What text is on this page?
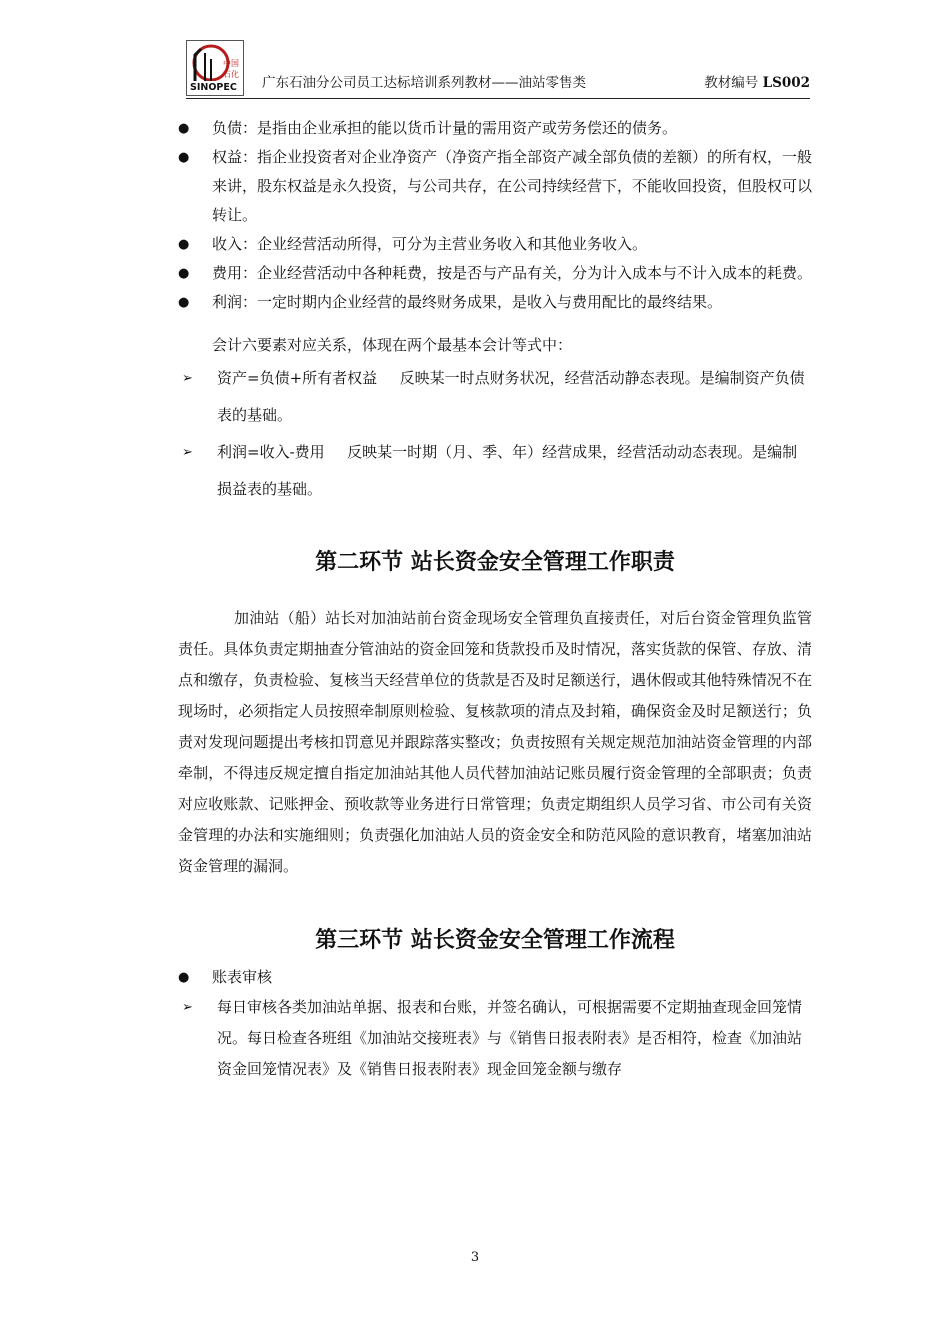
SINOPEC
中国石化
广东石油分公司员工达标培训系列教材——油站零售类	教材编号 LS002
● 负债：是指由企业承担的能以货币计量的需用资产或劳务偿还的债务。
● 权益：指企业投资者对企业净资产（净资产指全部资产减全部负债的差额）的所有权，一般来讲，股东权益是永久投资，与公司共存，在公司持续经营下，不能收回投资，但股权可以转让。
● 收入：企业经营活动所得，可分为主营业务收入和其他业务收入。
● 费用：企业经营活动中各种耗费，按是否与产品有关，分为计入成本与不计入成本的耗费。
● 利润：一定时期内企业经营的最终财务成果，是收入与费用配比的最终结果。
会计六要素对应关系，体现在两个最基本会计等式中：
➢ 资产=负债+所有者权益   反映某一时点财务状况，经营活动静态表现。是编制资产负债表的基础。
➢ 利润=收入-费用   反映某一时期（月、季、年）经营成果，经营活动动态表现。是编制损益表的基础。
第二环节 站长资金安全管理工作职责
加油站（船）站长对加油站前台资金现场安全管理负直接责任，对后台资金管理负监管责任。具体负责定期抽查分管油站的资金回笼和货款投币及时情况，落实货款的保管、存放、清点和缴存，负责检验、复核当天经营单位的货款是否及时足额送行，遇休假或其他特殊情况不在现场时，必须指定人员按照牵制原则检验、复核款项的清点及封箱，确保资金及时足额送行；负责对发现问题提出考核扣罚意见并跟踪落实整改；负责按照有关规定规范加油站资金管理的内部牵制，不得违反规定擅自指定加油站其他人员代替加油站记账员履行资金管理的全部职责；负责对应收账款、记账押金、预收款等业务进行日常管理；负责定期组织人员学习省、市公司有关资金管理的办法和实施细则；负责强化加油站人员的资金安全和防范风险的意识教育，堵塞加油站资金管理的漏洞。
第三环节 站长资金安全管理工作流程
● 账表审核
➢ 每日审核各类加油站单据、报表和台账，并签名确认，可根据需要不定期抽查现金回笼情况。每日检查各班组《加油站交接班表》与《销售日报表附表》是否相符，检查《加油站资金回笼情况表》及《销售日报表附表》现金回笼金额与缴存
3
